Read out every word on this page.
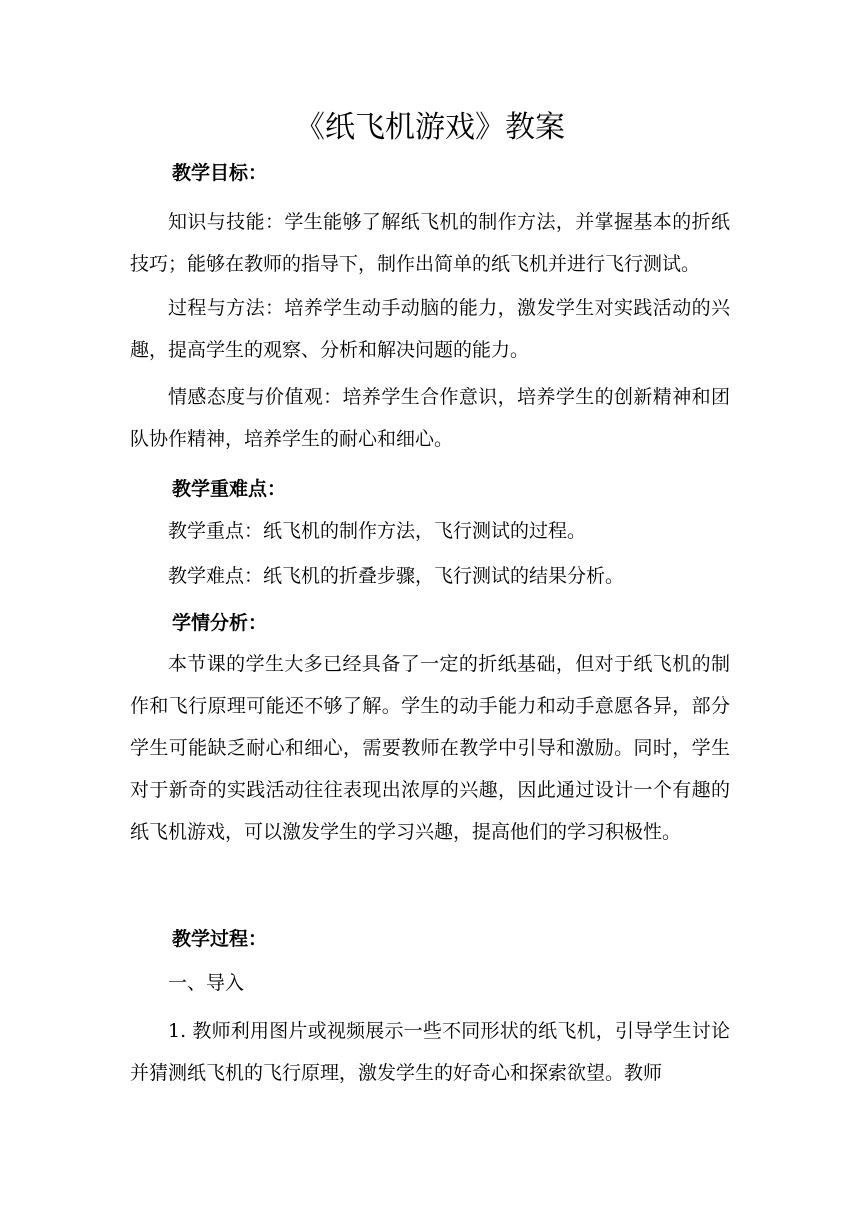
《纸飞机游戏》教案
教学目标：

知识与技能：学生能够了解纸飞机的制作方法，并掌握基本的折纸技巧；能够在教师的指导下，制作出简单的纸飞机并进行飞行测试。

过程与方法：培养学生动手动脑的能力，激发学生对实践活动的兴趣，提高学生的观察、分析和解决问题的能力。

情感态度与价值观：培养学生合作意识，培养学生的创新精神和团队协作精神，培养学生的耐心和细心。

教学重难点：

教学重点：纸飞机的制作方法，飞行测试的过程。

教学难点：纸飞机的折叠步骤，飞行测试的结果分析。

学情分析：

本节课的学生大多已经具备了一定的折纸基础，但对于纸飞机的制作和飞行原理可能还不够了解。学生的动手能力和动手意愿各异，部分学生可能缺乏耐心和细心，需要教师在教学中引导和激励。同时，学生对于新奇的实践活动往往表现出浓厚的兴趣，因此通过设计一个有趣的纸飞机游戏，可以激发学生的学习兴趣，提高他们的学习积极性。

教学过程：

一、导入

1. 教师利用图片或视频展示一些不同形状的纸飞机，引导学生讨论并猜测纸飞机的飞行原理，激发学生的好奇心和探索欲望。教师
